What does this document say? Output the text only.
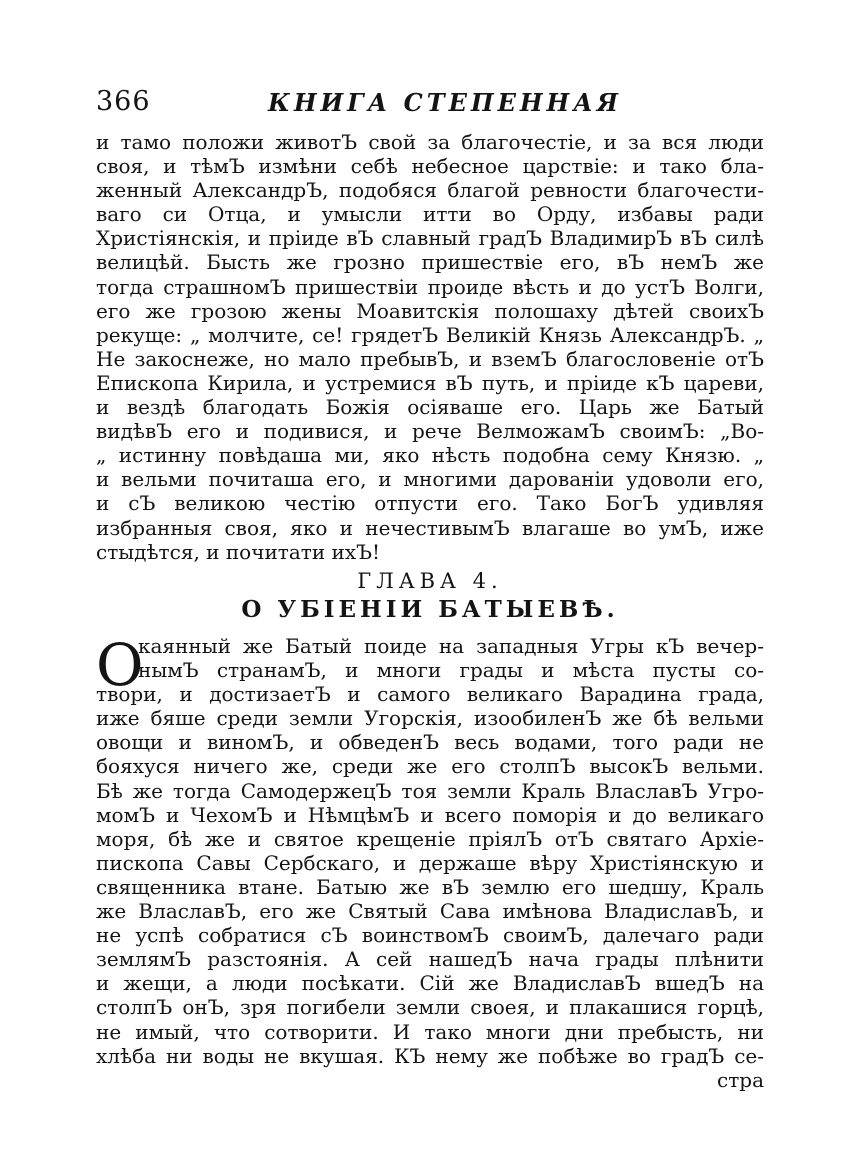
366	КНИГА СТЕПЕННАЯ
и тамо положи животЪ свой за благочестіе, и за вся люди
своя, и тѣмЪ измѣни себѣ небесное царствіе: и тако бла-
женный АлександрЪ, подобяся благой ревности благочести-
ваго си Отца, и умысли итти во Орду, избавы ради
Христіянскія, и пріиде вЪ славный градЪ ВладимирЪ вЪ силѣ
велицѣй. Бысть же грозно пришествіе его, вЪ немЪ же
тогда страшномЪ пришествіи проиде вѣсть и до устЪ Волги,
его же грозою жены Моавитскія полошаху дѣтей своихЪ
рекуще: „ молчите, се! грядетЪ Великій Князь АлександрЪ. „
Не закоснеже, но мало пребывЪ, и вземЪ благословеніе отЪ
Епископа Кирила, и устремися вЪ путь, и пріиде кЪ цареви,
и вездѣ благодать Божія осіяваше его. Царь же Батый
видѣвЪ его и подивися, и рече ВелможамЪ своимЪ: „Во-
„ истинну повѣдаша ми, яко нѣсть подобна сему Князю. „
и вельми почиташа его, и многими дарованіи удоволи его,
и сЪ великою честію отпусти его. Тако БогЪ удивляя
избранныя своя, яко и нечестивымЪ влагаше во умЪ, иже
стыдѣтся, и почитати ихЪ!
ГЛАВА 4.
О УБІЕНІИ БАТЫЕВѢ.
О
каянный же Батый поиде на западныя Угры кЪ вечер-
нымЪ странамЪ, и многи грады и мѣста пусты со-
твори, и достизаетЪ и самого великаго Варадина града,
иже бяше среди земли Угорскія, изообиленЪ же бѣ вельми
овощи и виномЪ, и обведенЪ весь водами, того ради не
бояхуся ничего же, среди же его столпЪ высокЪ вельми.
Бѣ же тогда СамодержецЪ тоя земли Краль ВлаславЪ Угро-
момЪ и ЧехомЪ и НѣмцѣмЪ и всего поморія и до великаго
моря, бѣ же и святое крещеніе пріялЪ отЪ святаго Архіе-
пископа Савы Сербскаго, и держаше вѣру Христіянскую и
священника втане. Батыю же вЪ землю его шедшу, Краль
же ВлаславЪ, его же Святый Сава имѣнова ВладиславЪ, и
не успѣ собратися сЪ воинствомЪ своимЪ, далечаго ради
землямЪ разстоянія. А сей нашедЪ нача грады плѣнити
и жещи, а люди посѣкати. Сій же ВладиславЪ вшедЪ на
столпЪ онЪ, зря погибели земли своея, и плакашися горцѣ,
не имый, что сотворити. И тако многи дни пребысть, ни
хлѣба ни воды не вкушая. КЪ нему же побѣже во градЪ се-
стра
